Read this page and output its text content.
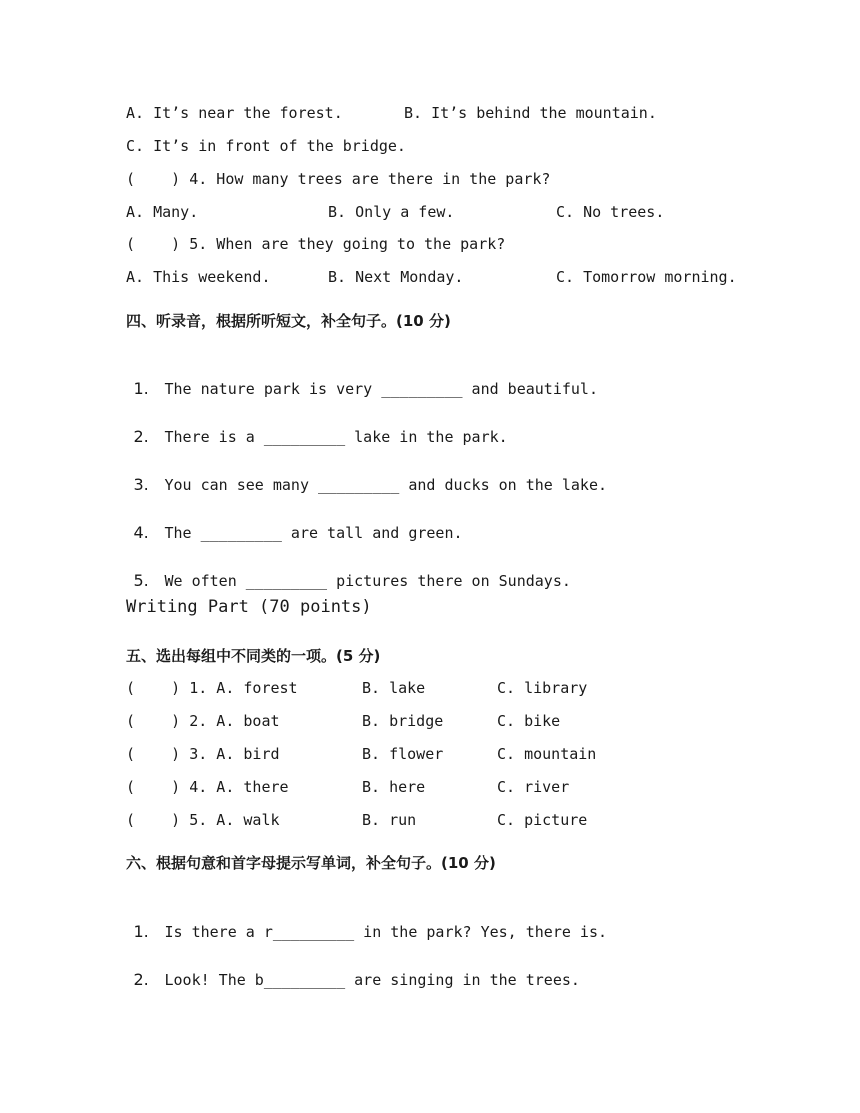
A. It’s near the forest.	B. It’s behind the mountain.
C. It’s in front of the bridge.
(    ) 4. How many trees are there in the park?
A. Many.	B. Only a few.	C. No trees.
(    ) 5. When are they going to the park?
A. This weekend.	B. Next Monday.	C. Tomorrow morning.
四、听录音，根据所听短文，补全句子。(10 分)

1. The nature park is very _________ and beautiful.

2. There is a _________ lake in the park.

3. You can see many _________ and ducks on the lake.

4. The _________ are tall and green.

5. We often _________ pictures there on Sundays.

Writing Part (70 points)
五、选出每组中不同类的一项。(5 分)
(    ) 1. A. forest	B. lake	C. library
(    ) 2. A. boat	B. bridge	C. bike
(    ) 3. A. bird	B. flower	C. mountain
(    ) 4. A. there	B. here	C. river
(    ) 5. A. walk	B. run	C. picture
六、根据句意和首字母提示写单词，补全句子。(10 分)

1. Is there a r_________ in the park? Yes, there is.

2. Look! The b_________ are singing in the trees.
